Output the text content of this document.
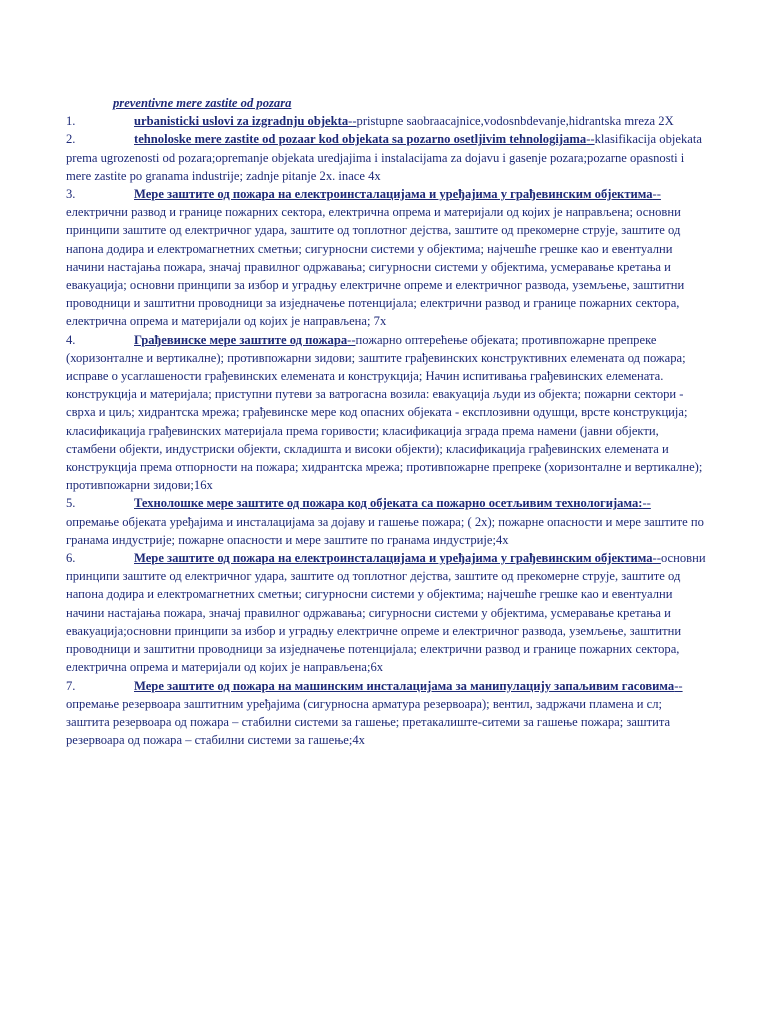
preventivne mere zastite od pozara
1.	urbanisticki uslovi za izgradnju objekta--pristupne saobraacajnice,vodosnbdevanje,hidrantska mreza 2X
2.	tehnoloske mere zastite od pozaar kod objekata sa pozarno osetljivim tehnologijama--klasifikacija objekata prema ugrozenosti od pozara;opremanje objekata uredjajima i instalacijama za dojavu i gasenje pozara;pozarne opasnosti i mere zastite po granama industrije; zadnje pitanje 2x. inace 4x
3.	Мере заштите од пожара на електроинсталацијама и уређајима у грађевинским објектима--електрични развод и границе пожарних сектора, електрична опрема и материјали од којих је направљена; основни принципи заштите од електричног удара, заштите од топлотног дејства, заштите од прекомерне струје, заштите од напона додира и електромагнетних сметњи; сигурносни системи у објектима; најчешће грешке као и евентуални начини настајања пожара, значај правилног одржавања; сигурносни системи у објектима, усмеравање кретања и евакуација; основни принципи за избор и уградњу електричне опреме и електричног развода, уземљење, заштитни проводници и заштитни проводници за изједначење потенцијала; електрични развод и границе пожарних сектора, електрична опрема и материјали од којих је направљена; 7x
4.	Грађевинске мере заштите од пожара--пожарно оптерећење објеката; противпожарне препреке (хоризонталне и вертикалне); противпожарни зидови; заштите грађевинских конструктивних елемената од пожара; исправе о усаглашености грађевинских елемената и конструкција; Начин испитивања грађевинских елемената. конструкција и материјала; приступни путеви за ватрогасна возила: евакуација људи из објекта; пожарни сектори - сврха и циљ; хидрантска мрежа; грађевинске мере код опасних објеката - експлозивни одушци, врсте конструкција; класификација грађевинских материјала према горивости; класификација зграда према намени (јавни објекти, стамбени објекти, индустриски објекти, складишта и високи објекти); класификација грађевинских елемената и конструкција према отпорности на пожара; хидрантска мрежа; противпожарне препреке (хоризонталне и вертикалне); противпожарни зидови;16x
5.	Технолошке мере заштите од пожара код објеката са пожарно осетљивим технологијама:-- опремање објеката уређајима и инсталацијама за дојаву и гашење пожара; ( 2x); пожарне опасности и мере заштите по гранама индустрије; пожарне опасности и мере заштите по гранама индустрије;4x
6.	Мере заштите од пожара на електроинсталацијама и уређајима у грађевинским објектима--основни принципи заштите од електричног удара, заштите од топлотног дејства, заштите од прекомерне струје, заштите од напона додира и електромагнетних сметњи; сигурносни системи у објектима; најчешће грешке као и евентуални начини настајања пожара, значај правилног одржавања; сигурносни системи у објектима, усмеравање кретања и евакуација;основни принципи за избор и уградњу електричне опреме и електричног развода, уземљење, заштитни проводници и заштитни проводници за изједначење потенцијала; електрични развод и границе пожарних сектора, електрична опрема и материјали од којих је направљена;6x
7.	Мере заштите од пожара на машинским инсталацијама за манипулацију запаљивим гасовима--опремање резервоара заштитним уређајима (сигурносна арматура резервоара); вентил, задржачи пламена и сл; заштита резервоара од пожара – стабилни системи за гашење; претакалиште-ситеми за гашење пожара; заштита резервоара од пожара – стабилни системи за гашење;4x
